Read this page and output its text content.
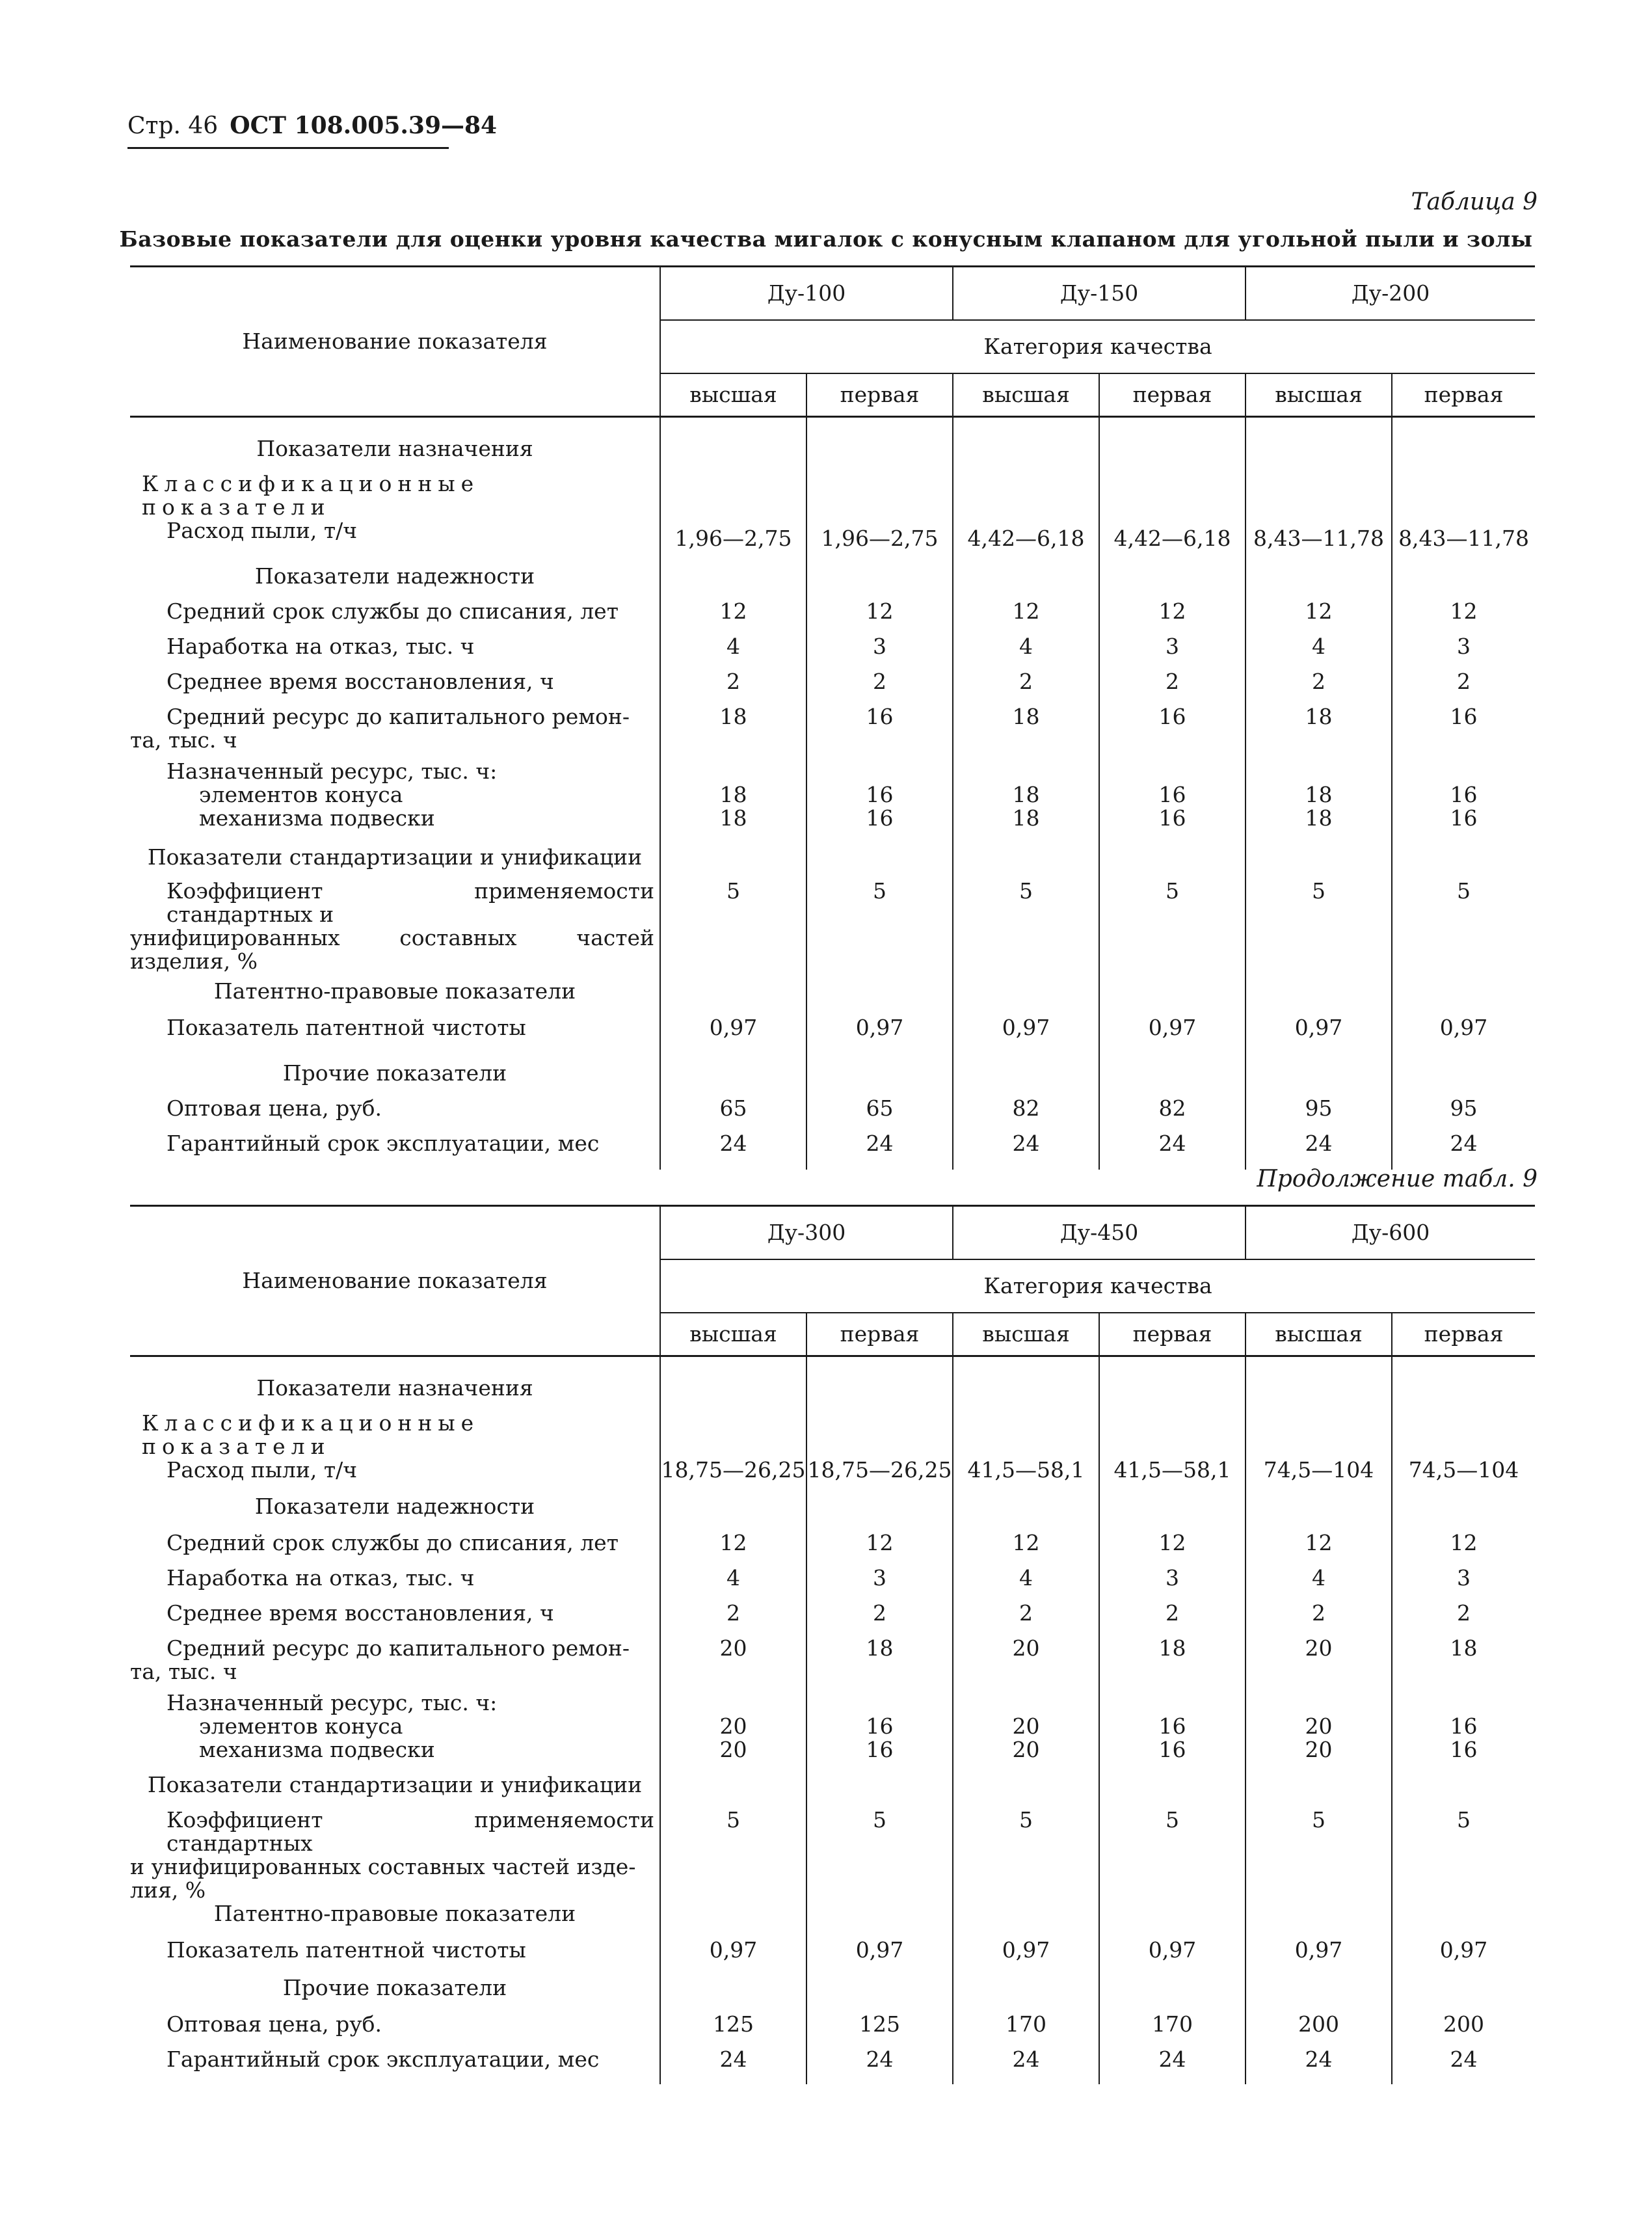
Стр. 46 ОСТ 108.005.39—84
Таблица 9
Базовые показатели для оценки уровня качества мигалок с конусным клапаном для угольной пыли и золы
Наименование показателя	Ду-100		Ду-150		Ду-200	
	Категория качества					
	высшая	первая	высшая	первая	высшая	первая

Показатели назначения						
Классификационные показатели						
Расход пыли, т/ч	1,96—2,75	1,96—2,75	4,42—6,18	4,42—6,18	8,43—11,78	8,43—11,78
Показатели надежности						
Средний срок службы до списания, лет	12	12	12	12	12	12
Наработка на отказ, тыс. ч	4	3	4	3	4	3
Среднее время восстановления, ч	2	2	2	2	2	2
Средний ресурс до капитального ремон-
та, тыс. ч	18	16	18	16	18	16
Назначенный ресурс, тыс. ч:						
элементов конуса	18	16	18	16	18	16
механизма подвески	18	16	18	16	18	16
Показатели стандартизации и унификации						
Коэффициент применяемости стандартных и
унифицированных составных частей изделия, %	5	5	5	5	5	5
Патентно-правовые показатели						
Показатель патентной чистоты	0,97	0,97	0,97	0,97	0,97	0,97
Прочие показатели						
Оптовая цена, руб.	65	65	82	82	95	95
Гарантийный срок эксплуатации, мес	24	24	24	24	24	24
Продолжение табл. 9
Наименование показателя	Ду-300		Ду-450		Ду-600	
	Категория качества					
	высшая	первая	высшая	первая	высшая	первая

Показатели назначения						
Классификационные показатели						
Расход пыли, т/ч	18,75—26,25	18,75—26,25	41,5—58,1	41,5—58,1	74,5—104	74,5—104
Показатели надежности						
Средний срок службы до списания, лет	12	12	12	12	12	12
Наработка на отказ, тыс. ч	4	3	4	3	4	3
Среднее время восстановления, ч	2	2	2	2	2	2
Средний ресурс до капитального ремон-
та, тыс. ч	20	18	20	18	20	18
Назначенный ресурс, тыс. ч:						
элементов конуса	20	16	20	16	20	16
механизма подвески	20	16	20	16	20	16
Показатели стандартизации и унификации						
Коэффициент применяемости стандартных
и унифицированных составных частей изде-
лия, %	5	5	5	5	5	5
Патентно-правовые показатели						
Показатель патентной чистоты	0,97	0,97	0,97	0,97	0,97	0,97
Прочие показатели						
Оптовая цена, руб.	125	125	170	170	200	200
Гарантийный срок эксплуатации, мес	24	24	24	24	24	24
